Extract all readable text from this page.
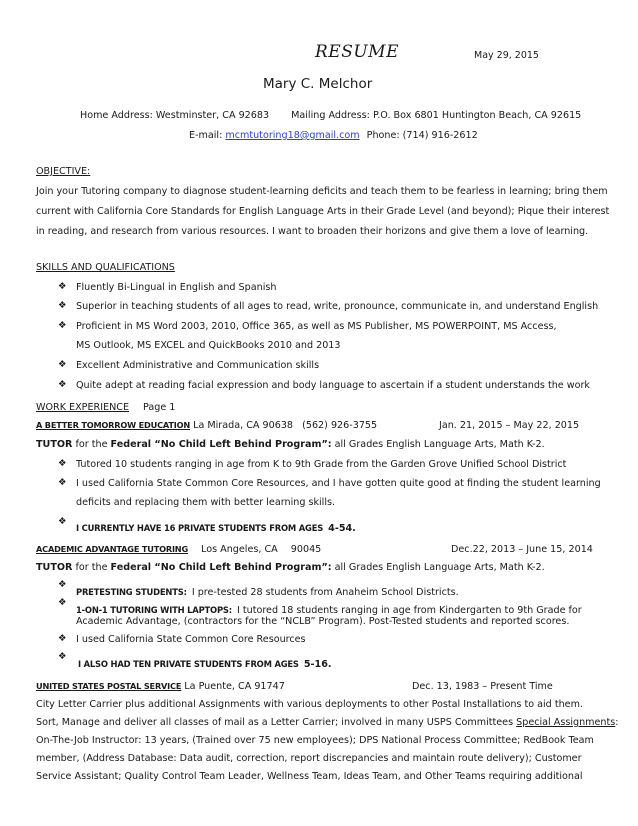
RESUME	May 29, 2015
Mary C. Melchor
Home Address: Westminster, CA 92683 Mailing Address: P.O. Box 6801 Huntington Beach, CA 92615
E-mail: mcmtutoring18@gmail.com Phone: (714) 916-2612
OBJECTIVE:
Join your Tutoring company to diagnose student-learning deficits and teach them to be fearless in learning; bring them
current with California Core Standards for English Language Arts in their Grade Level (and beyond); Pique their interest
in reading, and research from various resources. I want to broaden their horizons and give them a love of learning.
SKILLS AND QUALIFICATIONS
❖ Fluently Bi-Lingual in English and Spanish
❖ Superior in teaching students of all ages to read, write, pronounce, communicate in, and understand English
❖ Proficient in MS Word 2003, 2010, Office 365, as well as MS Publisher, MS POWERPOINT, MS Access,
MS Outlook, MS EXCEL and QuickBooks 2010 and 2013
❖ Excellent Administrative and Communication skills
❖ Quite adept at reading facial expression and body language to ascertain if a student understands the work
WORK EXPERIENCE Page 1
A BETTER TOMORROW EDUCATION La Mirada, CA 90638 (562) 926-3755	Jan. 21, 2015 – May 22, 2015
TUTOR for the Federal “No Child Left Behind Program”: all Grades English Language Arts, Math K-2.
❖ Tutored 10 students ranging in age from K to 9th Grade from the Garden Grove Unified School District
❖ I used California State Common Core Resources, and I have gotten quite good at finding the student learning
deficits and replacing them with better learning skills.
❖
I CURRENTLY HAVE 16 PRIVATE STUDENTS FROM AGES 4-54.
ACADEMIC ADVANTAGE TUTORING Los Angeles, CA 90045	Dec.22, 2013 – June 15, 2014
TUTOR for the Federal “No Child Left Behind Program”: all Grades English Language Arts, Math K-2.
❖
PRETESTING STUDENTS: I pre-tested 28 students from Anaheim School Districts.
❖
1-ON-1 TUTORING WITH LAPTOPS: I tutored 18 students ranging in age from Kindergarten to 9th Grade for
Academic Advantage, (contractors for the “NCLB” Program). Post-Tested students and reported scores.
❖ I used California State Common Core Resources
❖
I ALSO HAD TEN PRIVATE STUDENTS FROM AGES 5-16.
UNITED STATES POSTAL SERVICE La Puente, CA 91747	Dec. 13, 1983 – Present Time
City Letter Carrier plus additional Assignments with various deployments to other Postal Installations to aid them.
Sort, Manage and deliver all classes of mail as a Letter Carrier; involved in many USPS Committees Special Assignments:
On-The-Job Instructor: 13 years, (Trained over 75 new employees); DPS National Process Committee; RedBook Team
member, (Address Database: Data audit, correction, report discrepancies and maintain route delivery); Customer
Service Assistant; Quality Control Team Leader, Wellness Team, Ideas Team, and Other Teams requiring additional
